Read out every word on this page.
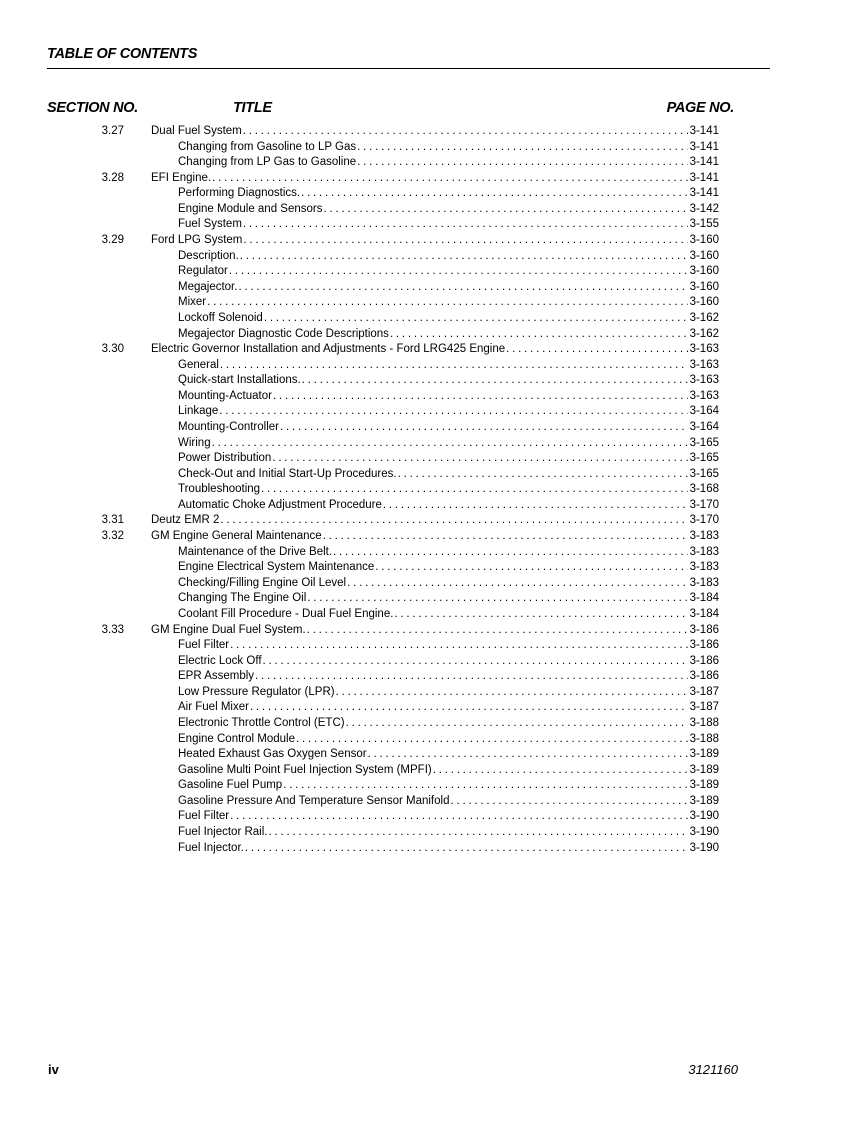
TABLE OF CONTENTS
SECTION NO.	TITLE	PAGE NO.
3.27 Dual Fuel System . . .	3-141
Changing from Gasoline to LP Gas . . .	3-141
Changing from LP Gas to Gasoline . . .	3-141
3.28 EFI Engine. . . .	3-141
Performing Diagnostics. . . .	3-141
Engine Module and Sensors . . .	3-142
Fuel System . . .	3-155
3.29 Ford LPG System . . .	3-160
Description. . . .	3-160
Regulator . . .	3-160
Megajector. . . .	3-160
Mixer . . .	3-160
Lockoff Solenoid . . .	3-162
Megajector Diagnostic Code Descriptions . . .	3-162
3.30 Electric Governor Installation and Adjustments - Ford LRG425 Engine . . .	3-163
General . . .	3-163
Quick-start Installations. . . .	3-163
Mounting-Actuator . . .	3-163
Linkage . . .	3-164
Mounting-Controller . . .	3-164
Wiring . . .	3-165
Power Distribution . . .	3-165
Check-Out and Initial Start-Up Procedures. . . .	3-165
Troubleshooting . . .	3-168
Automatic Choke Adjustment Procedure . . .	3-170
3.31 Deutz EMR 2 . . .	3-170
3.32 GM Engine General Maintenance . . .	3-183
Maintenance of the Drive Belt. . . .	3-183
Engine Electrical System Maintenance . . .	3-183
Checking/Filling Engine Oil Level . . .	3-183
Changing The Engine Oil . . .	3-184
Coolant Fill Procedure - Dual Fuel Engine. . . .	3-184
3.33 GM Engine Dual Fuel System. . . .	3-186
Fuel Filter . . .	3-186
Electric Lock Off . . .	3-186
EPR Assembly . . .	3-186
Low Pressure Regulator (LPR) . . .	3-187
Air Fuel Mixer . . .	3-187
Electronic Throttle Control (ETC) . . .	3-188
Engine Control Module . . .	3-188
Heated Exhaust Gas Oxygen Sensor . . .	3-189
Gasoline Multi Point Fuel Injection System (MPFI) . . .	3-189
Gasoline Fuel Pump . . .	3-189
Gasoline Pressure And Temperature Sensor Manifold . . .	3-189
Fuel Filter . . .	3-190
Fuel Injector Rail. . . .	3-190
Fuel Injector. . . .	3-190
iv	3121160
